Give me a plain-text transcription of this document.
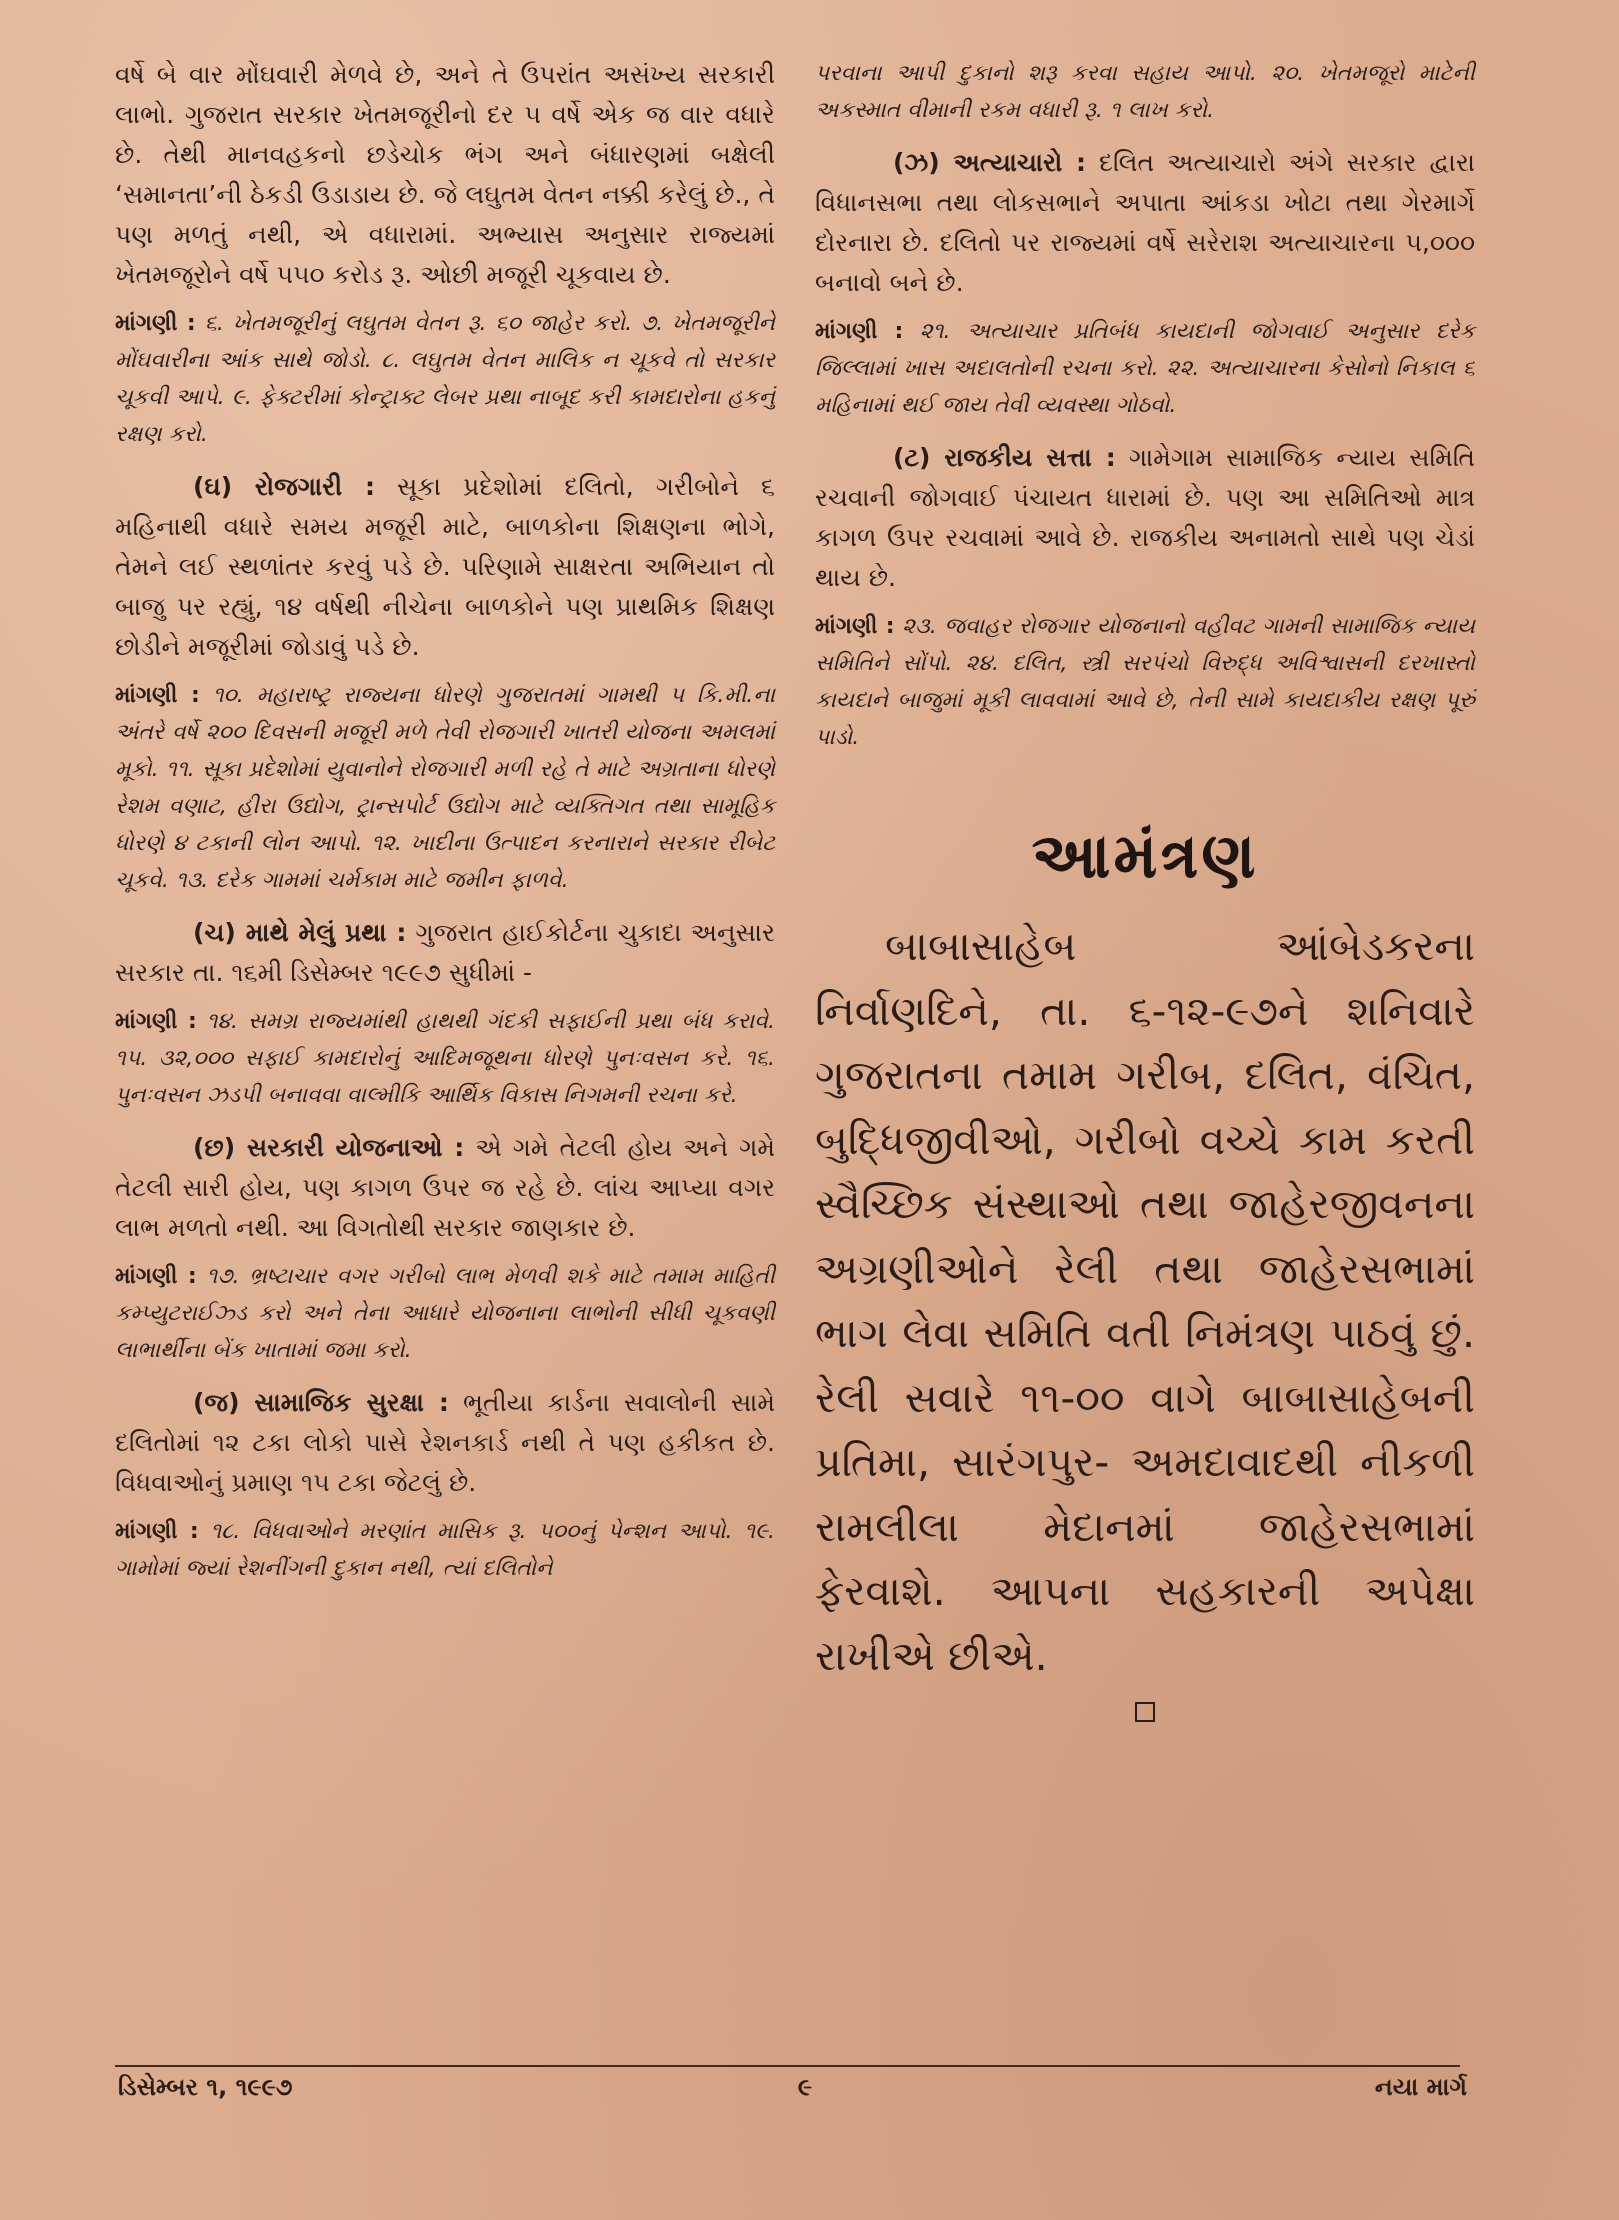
વર્ષે બે વાર મોંઘવારી મેળવે છે, અને તે ઉપરાંત અસંખ્ય સરકારી લાભો. ગુજરાત સરકાર ખેતમજૂરીનો દર ૫ વર્ષે એક જ વાર વધારે છે. તેથી માનવહકનો છડેચોક ભંગ અને બંધારણમાં બક્ષેલી ‘સમાનતા’ની ઠેકડી ઉડાડાય છે. જે લઘુતમ વેતન નક્કી કરેલું છે., તે પણ મળતું નથી, એ વધારામાં. અભ્યાસ અનુસાર રાજ્યમાં ખેતમજૂરોને વર્ષે ૫૫૦ કરોડ રૂ. ઓછી મજૂરી ચૂકવાય છે.

માંગણી : ૬. ખેતમજૂરીનું લઘુતમ વેતન રૂ. ૬૦ જાહેર કરો. ૭. ખેતમજૂરીને મોંઘવારીના આંક સાથે જોડો. ૮. લઘુતમ વેતન માલિક ન ચૂકવે તો સરકાર ચૂકવી આપે. ૯. ફેક્ટરીમાં કોન્ટ્રાક્ટ લેબર પ્રથા નાબૂદ કરી કામદારોના હકનું રક્ષણ કરો.

(ઘ) રોજગારી : સૂકા પ્રદેશોમાં દલિતો, ગરીબોને ૬ મહિનાથી વધારે સમય મજૂરી માટે, બાળકોના શિક્ષણના ભોગે, તેમને લઈ સ્થળાંતર કરવું પડે છે. પરિણામે સાક્ષરતા અભિયાન તો બાજુ પર રહ્યું, ૧૪ વર્ષથી નીચેના બાળકોને પણ પ્રાથમિક શિક્ષણ છોડીને મજૂરીમાં જોડાવું પડે છે.

માંગણી : ૧૦. મહારાષ્ટ્ર રાજ્યના ધોરણે ગુજરાતમાં ગામથી ૫ કિ.મી.ના અંતરે વર્ષે ૨૦૦ દિવસની મજૂરી મળે તેવી રોજગારી ખાતરી યોજના અમલમાં મૂકો. ૧૧. સૂકા પ્રદેશોમાં યુવાનોને રોજગારી મળી રહે તે માટે અગ્રતાના ધોરણે રેશમ વણાટ, હીરા ઉદ્યોગ, ટ્રાન્સપોર્ટ ઉદ્યોગ માટે વ્યક્તિગત તથા સામૂહિક ધોરણે ૪ ટકાની લોન આપો. ૧૨. ખાદીના ઉત્પાદન કરનારાને સરકાર રીબેટ ચૂકવે. ૧૩. દરેક ગામમાં ચર્મકામ માટે જમીન ફાળવે.

(ચ) માથે મેલું પ્રથા : ગુજરાત હાઈકોર્ટના ચુકાદા અનુસાર સરકાર તા. ૧૬મી ડિસેમ્બર ૧૯૯૭ સુધીમાં -

માંગણી : ૧૪. સમગ્ર રાજ્યમાંથી હાથથી ગંદકી સફાઈની પ્રથા બંધ કરાવે. ૧૫. ૩૨,૦૦૦ સફાઈ કામદારોનું આદિમજૂથના ધોરણે પુનઃવસન કરે. ૧૬. પુનઃવસન ઝડપી બનાવવા વાલ્મીકિ આર્થિક વિકાસ નિગમની રચના કરે.

(છ) સરકારી યોજનાઓ : એ ગમે તેટલી હોય અને ગમે તેટલી સારી હોય, પણ કાગળ ઉપર જ રહે છે. લાંચ આપ્યા વગર લાભ મળતો નથી. આ વિગતોથી સરકાર જાણકાર છે.

માંગણી : ૧૭. ભ્રષ્ટાચાર વગર ગરીબો લાભ મેળવી શકે માટે તમામ માહિતી કમ્પ્યુટરાઈઝ્ડ કરો અને તેના આધારે યોજનાના લાભોની સીધી ચૂકવણી લાભાર્થીના બેંક ખાતામાં જમા કરો.

(જ) સામાજિક સુરક્ષા : ભૂતીયા કાર્ડના સવાલોની સામે દલિતોમાં ૧૨ ટકા લોકો પાસે રેશનકાર્ડ નથી તે પણ હકીકત છે. વિધવાઓનું પ્રમાણ ૧૫ ટકા જેટલું છે.

માંગણી : ૧૮. વિધવાઓને મરણાંત માસિક રૂ. ૫૦૦નું પેન્શન આપો. ૧૯. ગામોમાં જ્યાં રેશનીંગની દુકાન નથી, ત્યાં દલિતોને

પરવાના આપી દુકાનો શરૂ કરવા સહાય આપો. ૨૦. ખેતમજૂરો માટેની અકસ્માત વીમાની રકમ વધારી રૂ. ૧ લાખ કરો.

(ઝ) અત્યાચારો : દલિત અત્યાચારો અંગે સરકાર દ્વારા વિધાનસભા તથા લોકસભાને અપાતા આંકડા ખોટા તથા ગેરમાર્ગે દોરનારા છે. દલિતો પર રાજ્યમાં વર્ષે સરેરાશ અત્યાચારના ૫,૦૦૦ બનાવો બને છે.

માંગણી : ૨૧. અત્યાચાર પ્રતિબંધ કાયદાની જોગવાઈ અનુસાર દરેક જિલ્લામાં ખાસ અદાલતોની રચના કરો. ૨૨. અત્યાચારના કેસોનો નિકાલ ૬ મહિનામાં થઈ જાય તેવી વ્યવસ્થા ગોઠવો.

(ટ) રાજકીય સત્તા : ગામેગામ સામાજિક ન્યાય સમિતિ રચવાની જોગવાઈ પંચાયત ધારામાં છે. પણ આ સમિતિઓ માત્ર કાગળ ઉપર રચવામાં આવે છે. રાજકીય અનામતો સાથે પણ ચેડાં થાય છે.

માંગણી : ૨૩. જવાહર રોજગાર યોજનાનો વહીવટ ગામની સામાજિક ન્યાય સમિતિને સોંપો. ૨૪. દલિત, સ્ત્રી સરપંચો વિરુદ્ધ અવિશ્વાસની દરખાસ્તો કાયદાને બાજુમાં મૂકી લાવવામાં આવે છે, તેની સામે કાયદાકીય રક્ષણ પૂરું પાડો.

આમંત્રણ

બાબાસાહેબ આંબેડકરના નિર્વાણદિને, તા. ૬-૧૨-૯૭ને શનિવારે ગુજરાતના તમામ ગરીબ, દલિત, વંચિત, બુદ્ધિજીવીઓ, ગરીબો વચ્ચે કામ કરતી સ્વૈચ્છિક સંસ્થાઓ તથા જાહેરજીવનના અગ્રણીઓને રેલી તથા જાહેરસભામાં ભાગ લેવા સમિતિ વતી નિમંત્રણ પાઠવું છું. રેલી સવારે ૧૧-૦૦ વાગે બાબાસાહેબની પ્રતિમા, સારંગપુર- અમદાવાદથી નીકળી રામલીલા મેદાનમાં જાહેરસભામાં ફેરવાશે. આપના સહકારની અપેક્ષા રાખીએ છીએ.

ડિસેમ્બર ૧, ૧૯૯૭	૯	નયા માર્ગ
